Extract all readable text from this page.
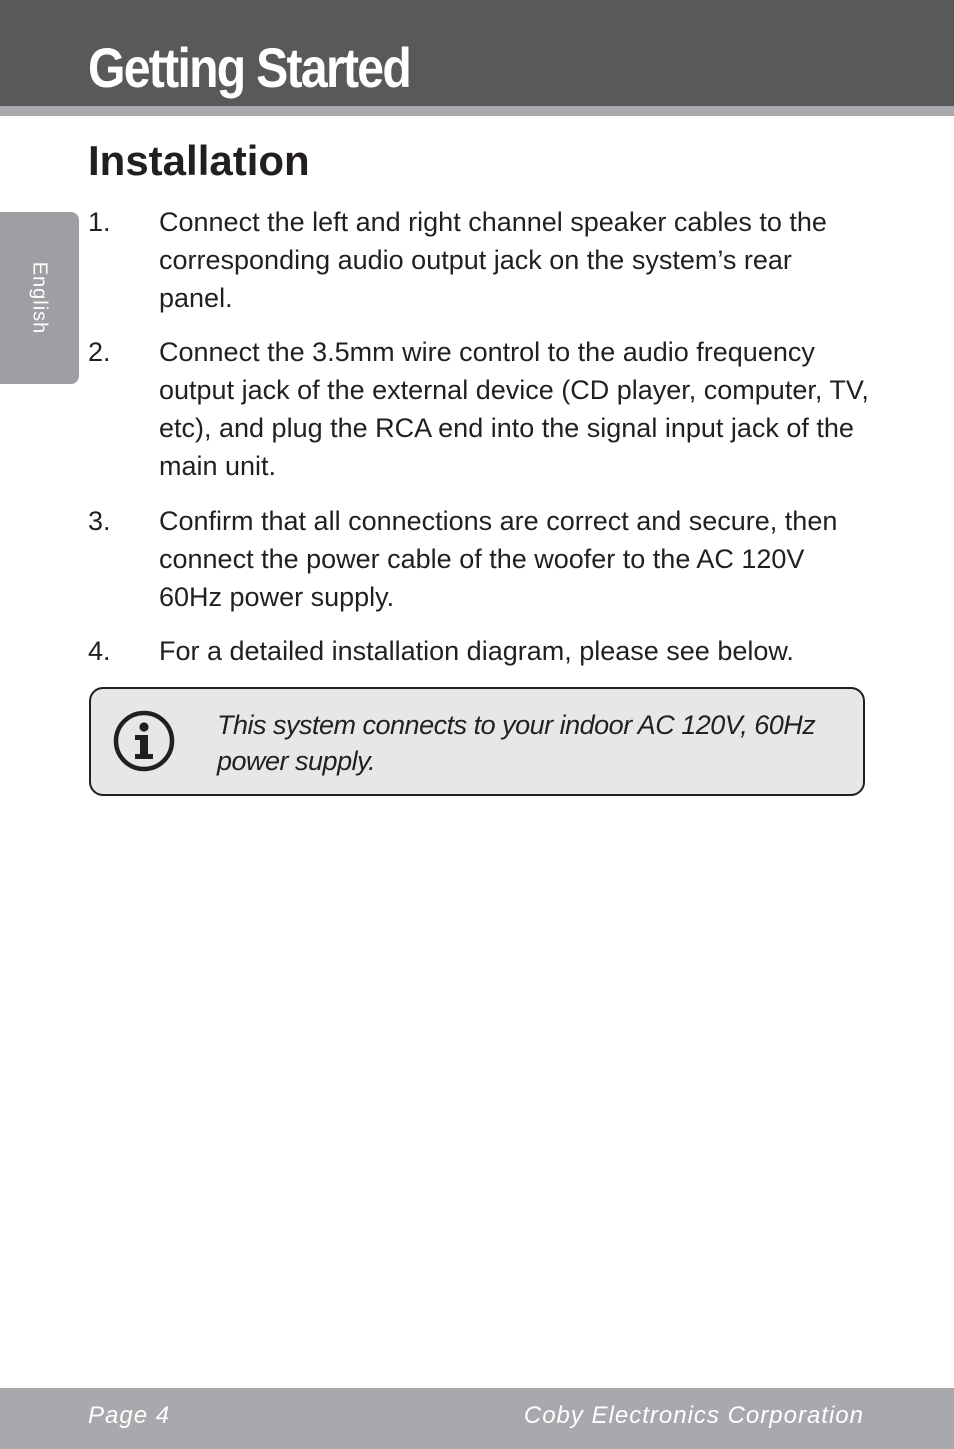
Getting Started
English
Installation
1.	Connect the left and right channel speaker cables to the corresponding audio output jack on the system’s rear panel.
2.	Connect the 3.5mm wire control to the audio frequency output jack of the external device (CD player, computer, TV, etc), and plug the RCA end into the signal input jack of the main unit.
3.	Confirm that all connections are correct and secure, then connect the power cable of the woofer to the AC 120V 60Hz power supply.
4.	For a detailed installation diagram, please see below.
This system connects to your indoor AC 120V, 60Hz power supply.
Page 4	Coby Electronics Corporation
